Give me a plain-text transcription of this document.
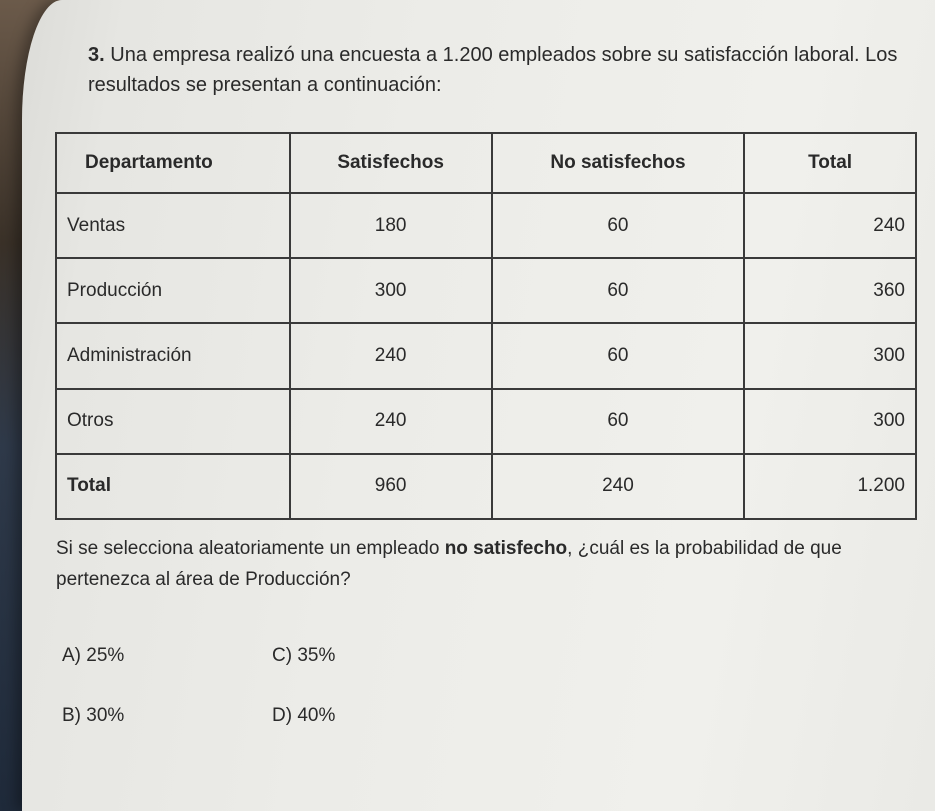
3. Una empresa realizó una encuesta a 1.200 empleados sobre su satisfacción laboral. Los resultados se presentan a continuación:
Departamento	Satisfechos	No satisfechos	Total
Ventas	180	60	240
Producción	300	60	360
Administración	240	60	300
Otros	240	60	300
Total	960	240	1.200
Si se selecciona aleatoriamente un empleado no satisfecho, ¿cuál es la probabilidad de que pertenezca al área de Producción?
A) 25%	C) 35%
B) 30%	D) 40%
